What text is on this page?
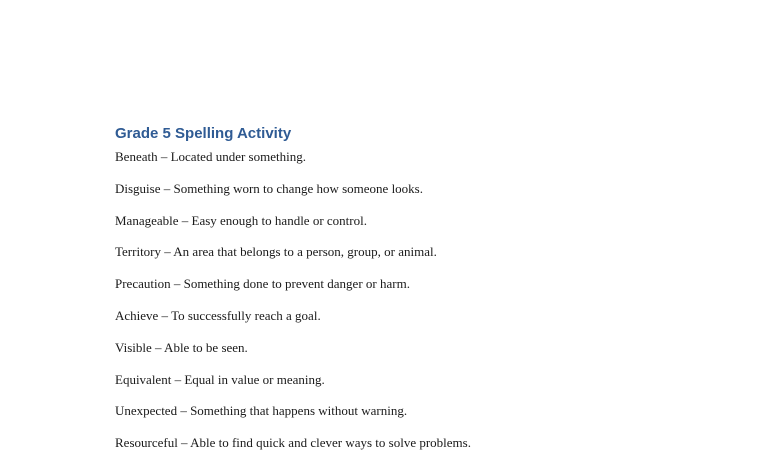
Grade 5 Spelling Activity
Beneath – Located under something.
Disguise – Something worn to change how someone looks.
Manageable – Easy enough to handle or control.
Territory – An area that belongs to a person, group, or animal.
Precaution – Something done to prevent danger or harm.
Achieve – To successfully reach a goal.
Visible – Able to be seen.
Equivalent – Equal in value or meaning.
Unexpected – Something that happens without warning.
Resourceful – Able to find quick and clever ways to solve problems.
